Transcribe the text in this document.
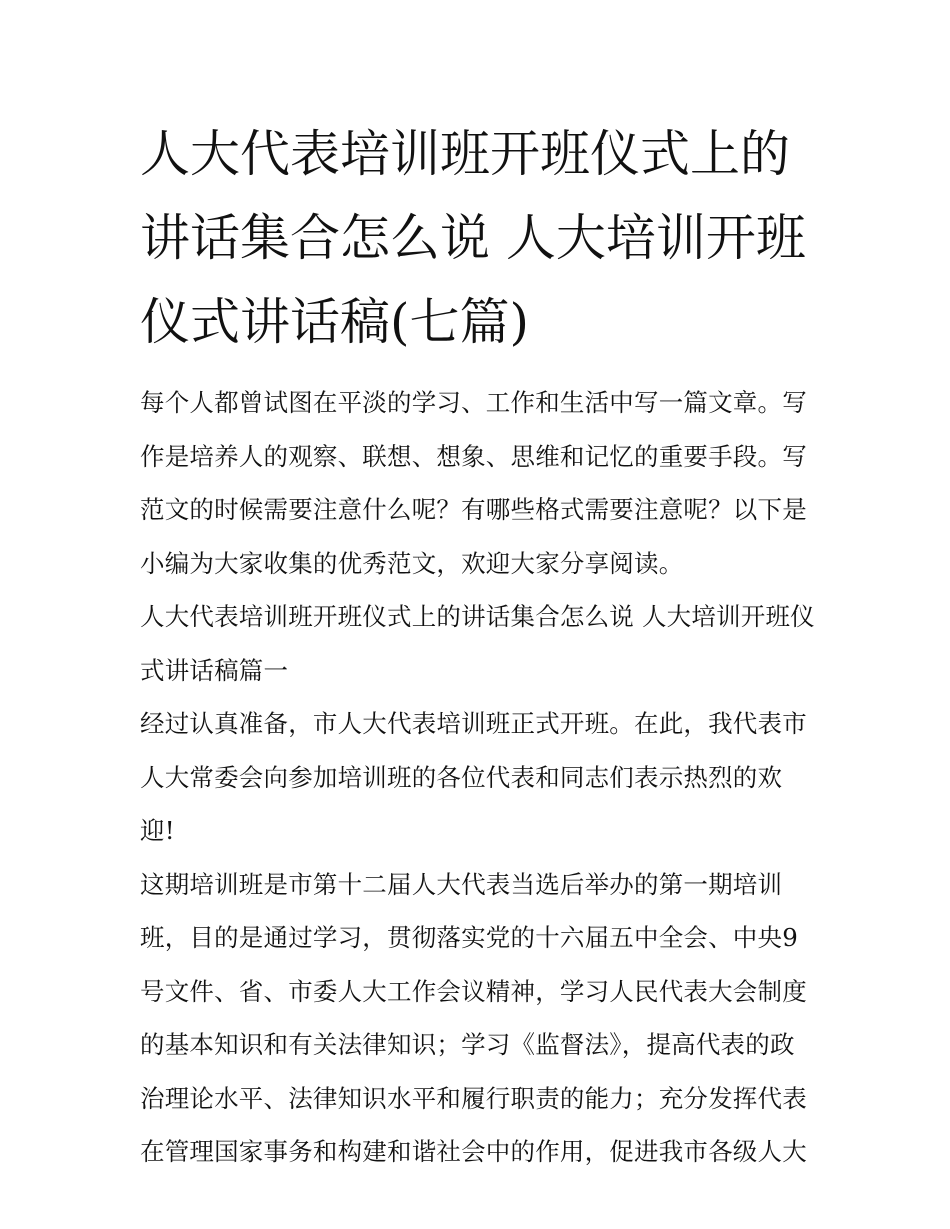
人大代表培训班开班仪式上的讲话集合怎么说 人大培训开班仪式讲话稿(七篇)

每个人都曾试图在平淡的学习、工作和生活中写一篇文章。写作是培养人的观察、联想、想象、思维和记忆的重要手段。写范文的时候需要注意什么呢？有哪些格式需要注意呢？以下是小编为大家收集的优秀范文，欢迎大家分享阅读。

人大代表培训班开班仪式上的讲话集合怎么说 人大培训开班仪式讲话稿篇一

经过认真准备，市人大代表培训班正式开班。在此，我代表市人大常委会向参加培训班的各位代表和同志们表示热烈的欢迎!

这期培训班是市第十二届人大代表当选后举办的第一期培训班，目的是通过学习，贯彻落实党的十六届五中全会、中央9号文件、省、市委人大工作会议精神，学习人民代表大会制度的基本知识和有关法律知识；学习《监督法》，提高代表的政治理论水平、法律知识水平和履行职责的能力；充分发挥代表在管理国家事务和构建和谐社会中的作用，促进我市各级人大
